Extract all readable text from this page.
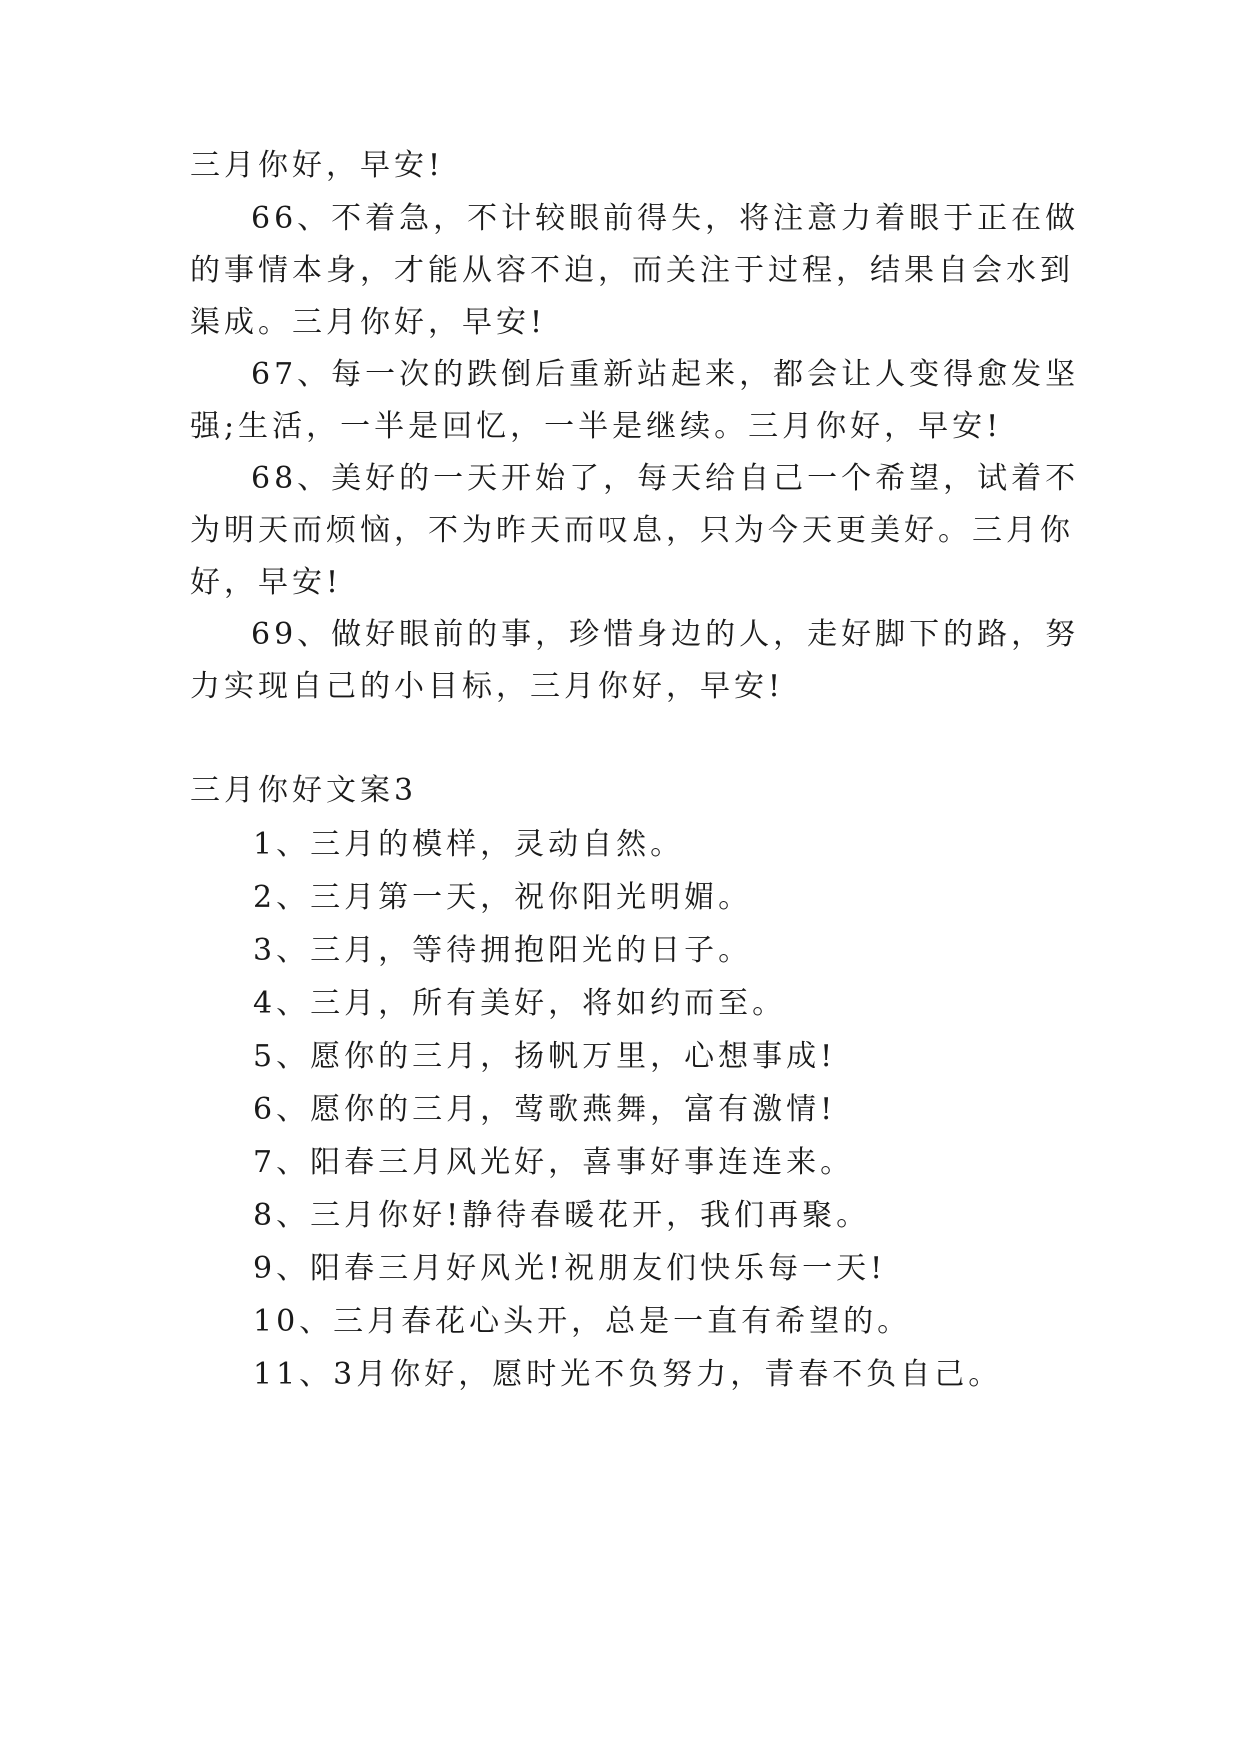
三月你好，早安!
66、不着急，不计较眼前得失，将注意力着眼于正在做
的事情本身，才能从容不迫，而关注于过程，结果自会水到
渠成。三月你好，早安!
67、每一次的跌倒后重新站起来，都会让人变得愈发坚
强;生活，一半是回忆，一半是继续。三月你好，早安!
68、美好的一天开始了，每天给自己一个希望，试着不
为明天而烦恼，不为昨天而叹息，只为今天更美好。三月你
好，早安!
69、做好眼前的事，珍惜身边的人，走好脚下的路，努
力实现自己的小目标，三月你好，早安!
三月你好文案3
1、三月的模样，灵动自然。
2、三月第一天，祝你阳光明媚。
3、三月，等待拥抱阳光的日子。
4、三月，所有美好，将如约而至。
5、愿你的三月，扬帆万里，心想事成!
6、愿你的三月，莺歌燕舞，富有激情!
7、阳春三月风光好，喜事好事连连来。
8、三月你好!静待春暖花开，我们再聚。
9、阳春三月好风光!祝朋友们快乐每一天!
10、三月春花心头开，总是一直有希望的。
11、3月你好，愿时光不负努力，青春不负自己。
